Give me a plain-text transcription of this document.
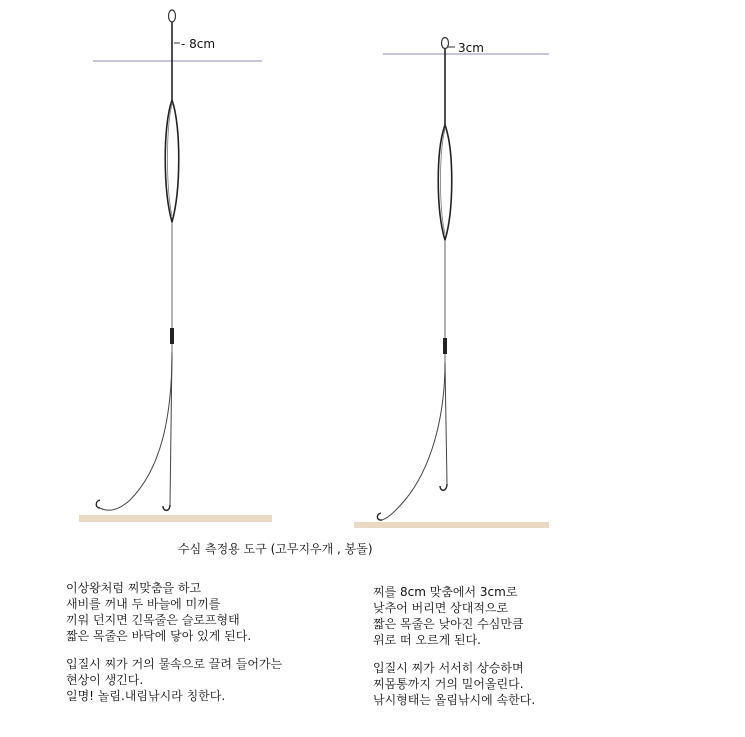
- 8cm	3cm
수심 측정용 도구 (고무지우개 , 봉돌)

이상왕처럼 찌맞춤을 하고
새비를 꺼내 두 바늘에 미끼를
끼워 던지면 긴목줄은 슬로프형태
짧은 목줄은 바닥에 닿아 있게 된다.

입질시 찌가 거의 물속으로 끌려 들어가는
현상이 생긴다.
일명! 놀림.내림낚시라 칭한다.

찌를 8cm 맞춤에서 3cm로
낮추어 버리면 상대적으로
짧은 목줄은 낮아진 수심만큼
위로 떠 오르게 된다.

입질시 찌가 서서히 상승하며
찌몸통까지 거의 밀어올린다.
낚시형태는 올림낚시에 속한다.
